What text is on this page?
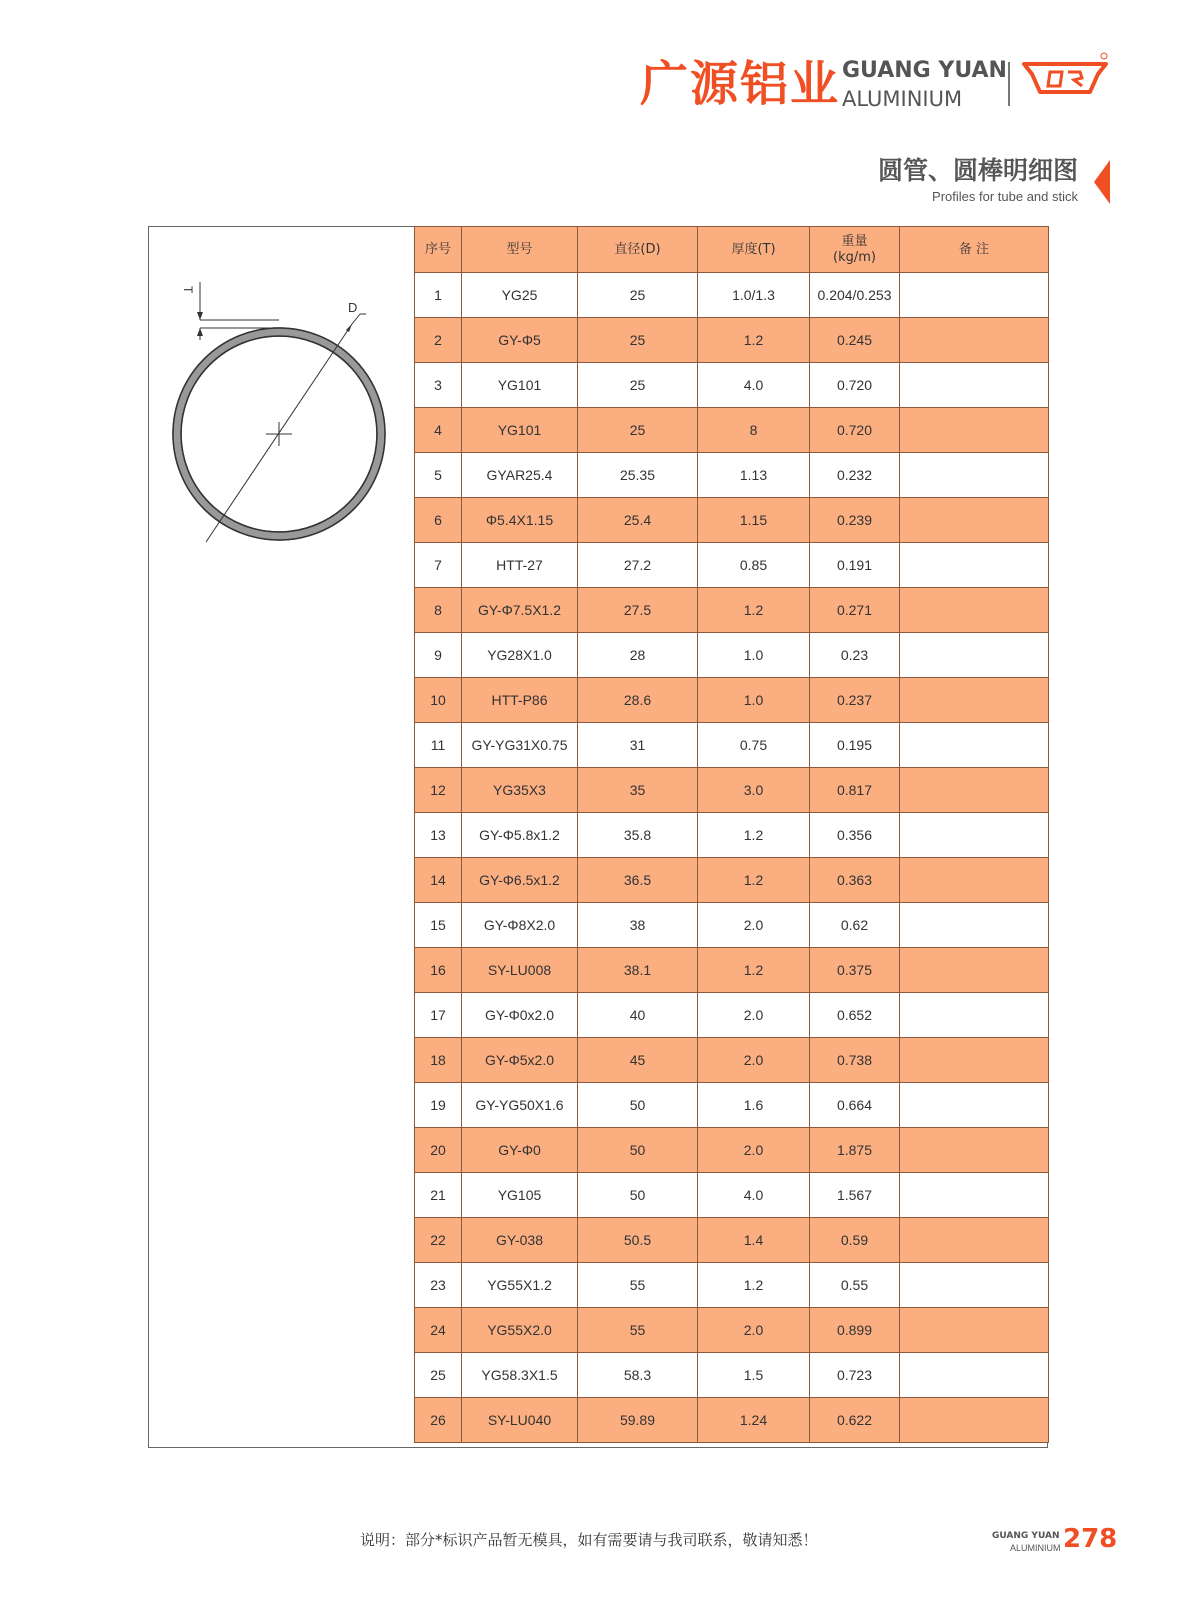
广源铝业 GUANG YUAN
ALUMINIUM
圆管、圆棒明细图
Profiles for tube and stick
D
T
序号	型号	直径(D)	厚度(T)	重量
(kg/m)	备 注
1	YG25	25	1.0/1.3	0.204/0.253	
2	GY-Φ5	25	1.2	0.245	
3	YG101	25	4.0	0.720	
4	YG101	25	8	0.720	
5	GYAR25.4	25.35	1.13	0.232	
6	Φ5.4X1.15	25.4	1.15	0.239	
7	HTT-27	27.2	0.85	0.191	
8	GY-Φ7.5X1.2	27.5	1.2	0.271	
9	YG28X1.0	28	1.0	0.23	
10	HTT-P86	28.6	1.0	0.237	
11	GY-YG31X0.75	31	0.75	0.195	
12	YG35X3	35	3.0	0.817	
13	GY-Φ5.8x1.2	35.8	1.2	0.356	
14	GY-Φ6.5x1.2	36.5	1.2	0.363	
15	GY-Φ8X2.0	38	2.0	0.62	
16	SY-LU008	38.1	1.2	0.375	
17	GY-Φ0x2.0	40	2.0	0.652	
18	GY-Φ5x2.0	45	2.0	0.738	
19	GY-YG50X1.6	50	1.6	0.664	
20	GY-Φ0	50	2.0	1.875	
21	YG105	50	4.0	1.567	
22	GY-038	50.5	1.4	0.59	
23	YG55X1.2	55	1.2	0.55	
24	YG55X2.0	55	2.0	0.899	
25	YG58.3X1.5	58.3	1.5	0.723	
26	SY-LU040	59.89	1.24	0.622	
说明：部分*标识产品暂无模具，如有需要请与我司联系，敬请知悉！	GUANG YUAN
ALUMINIUM 278
